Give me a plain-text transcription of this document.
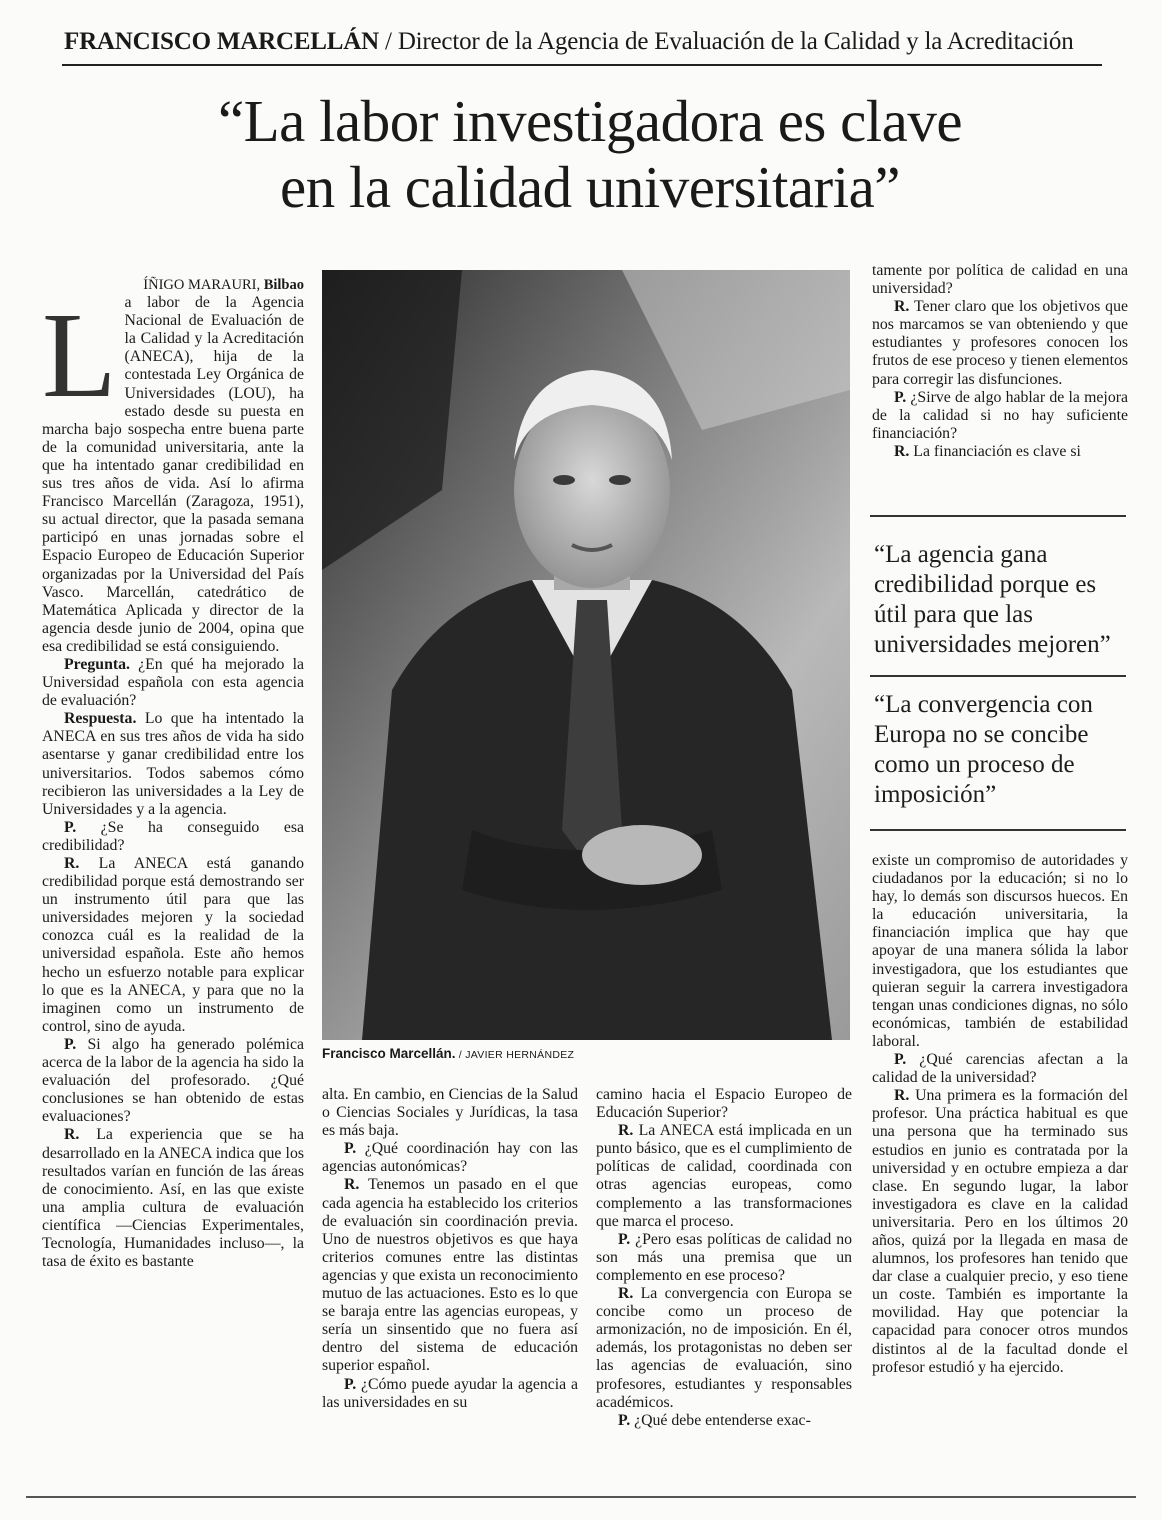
FRANCISCO MARCELLÁN / Director de la Agencia de Evaluación de la Calidad y la Acreditación
“La labor investigadora es clave
en la calidad universitaria”

ÍÑIGO MARAURI, Bilbao

La labor de la Agencia Nacional de Evaluación de la Calidad y la Acreditación (ANECA), hija de la contestada Ley Orgánica de Universidades (LOU), ha estado desde su puesta en marcha bajo sospecha entre buena parte de la comunidad universitaria, ante la que ha intentado ganar credibilidad en sus tres años de vida. Así lo afirma Francisco Marcellán (Zaragoza, 1951), su actual director, que la pasada semana participó en unas jornadas sobre el Espacio Europeo de Educación Superior organizadas por la Universidad del País Vasco. Marcellán, catedrático de Matemática Aplicada y director de la agencia desde junio de 2004, opina que esa credibilidad se está consiguiendo.

Pregunta. ¿En qué ha mejorado la Universidad española con esta agencia de evaluación?

Respuesta. Lo que ha intentado la ANECA en sus tres años de vida ha sido asentarse y ganar credibilidad entre los universitarios. Todos sabemos cómo recibieron las universidades a la Ley de Universidades y a la agencia.

P. ¿Se ha conseguido esa credibilidad?

R. La ANECA está ganando credibilidad porque está demostrando ser un instrumento útil para que las universidades mejoren y la sociedad conozca cuál es la realidad de la universidad española. Este año hemos hecho un esfuerzo notable para explicar lo que es la ANECA, y para que no la imaginen como un instrumento de control, sino de ayuda.

P. Si algo ha generado polémica acerca de la labor de la agencia ha sido la evaluación del profesorado. ¿Qué conclusiones se han obtenido de estas evaluaciones?

R. La experiencia que se ha desarrollado en la ANECA indica que los resultados varían en función de las áreas de conocimiento. Así, en las que existe una amplia cultura de evaluación científica —Ciencias Experimentales, Tecnología, Humanidades incluso—, la tasa de éxito es bastante

Francisco Marcellán. / JAVIER HERNÁNDEZ

alta. En cambio, en Ciencias de la Salud o Ciencias Sociales y Jurídicas, la tasa es más baja.

P. ¿Qué coordinación hay con las agencias autonómicas?

R. Tenemos un pasado en el que cada agencia ha establecido los criterios de evaluación sin coordinación previa. Uno de nuestros objetivos es que haya criterios comunes entre las distintas agencias y que exista un reconocimiento mutuo de las actuaciones. Esto es lo que se baraja entre las agencias europeas, y sería un sinsentido que no fuera así dentro del sistema de educación superior español.

P. ¿Cómo puede ayudar la agencia a las universidades en su

camino hacia el Espacio Europeo de Educación Superior?

R. La ANECA está implicada en un punto básico, que es el cumplimiento de políticas de calidad, coordinada con otras agencias europeas, como complemento a las transformaciones que marca el proceso.

P. ¿Pero esas políticas de calidad no son más una premisa que un complemento en ese proceso?

R. La convergencia con Europa se concibe como un proceso de armonización, no de imposición. En él, además, los protagonistas no deben ser las agencias de evaluación, sino profesores, estudiantes y responsables académicos.

P. ¿Qué debe entenderse exac-

tamente por política de calidad en una universidad?

R. Tener claro que los objetivos que nos marcamos se van obteniendo y que estudiantes y profesores conocen los frutos de ese proceso y tienen elementos para corregir las disfunciones.

P. ¿Sirve de algo hablar de la mejora de la calidad si no hay suficiente financiación?

R. La financiación es clave si

“La agencia gana credibilidad porque es útil para que las universidades mejoren”
“La convergencia con Europa no se concibe como un proceso de imposición”

existe un compromiso de autoridades y ciudadanos por la educación; si no lo hay, lo demás son discursos huecos. En la educación universitaria, la financiación implica que hay que apoyar de una manera sólida la labor investigadora, que los estudiantes que quieran seguir la carrera investigadora tengan unas condiciones dignas, no sólo económicas, también de estabilidad laboral.

P. ¿Qué carencias afectan a la calidad de la universidad?

R. Una primera es la formación del profesor. Una práctica habitual es que una persona que ha terminado sus estudios en junio es contratada por la universidad y en octubre empieza a dar clase. En segundo lugar, la labor investigadora es clave en la calidad universitaria. Pero en los últimos 20 años, quizá por la llegada en masa de alumnos, los profesores han tenido que dar clase a cualquier precio, y eso tiene un coste. También es importante la movilidad. Hay que potenciar la capacidad para conocer otros mundos distintos al de la facultad donde el profesor estudió y ha ejercido.
